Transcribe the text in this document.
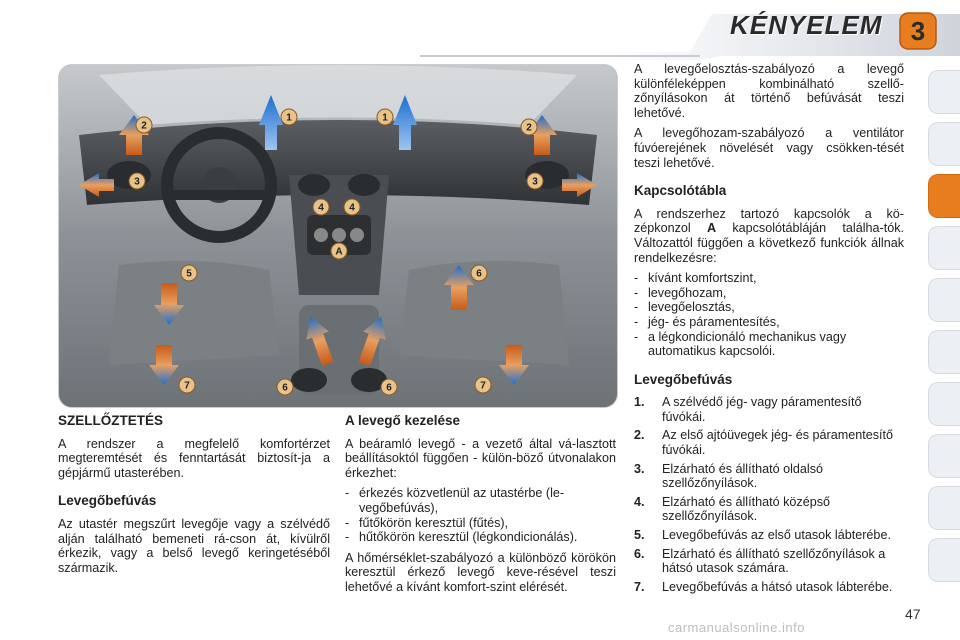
KÉNYELEM 3
1	1
2	2
3	3
4	4
5	6
6	6
7	7
A
SZELLŐZTETÉS

A rendszer a megfelelő komfortérzet megteremtését és fenntartását biztosít-ja a gépjármű utasterében.

Levegőbefúvás

Az utastér megszűrt levegője vagy a szélvédő alján található bemeneti rá-cson át, kívülről érkezik, vagy a belső levegő keringetéséből származik.

A levegő kezelése

A beáramló levegő - a vezető által vá-lasztott beállításoktól függően - külön-böző útvonalakon érkezhet:

- érkezés közvetlenül az utastérbe (le-vegőbefúvás),
- fűtőkörön keresztül (fűtés),
- hűtőkörön keresztül (légkondicionálás).

A hőmérséklet-szabályozó a különböző körökön keresztül érkező levegő keve-résével teszi lehetővé a kívánt komfort-szint elérését.

A levegőelosztás-szabályozó a levegő különféleképpen kombinálható szellő-zőnyílásokon át történő befúvását teszi lehetővé.

A levegőhozam-szabályozó a ventilátor fúvóerejének növelését vagy csökken-tését teszi lehetővé.

Kapcsolótábla

A rendszerhez tartozó kapcsolók a kö-zépkonzol A kapcsolótábláján találha-tók. Változattól függően a következő funkciók állnak rendelkezésre:

- kívánt komfortszint,
- levegőhozam,
- levegőelosztás,
- jég- és páramentesítés,
- a légkondicionáló mechanikus vagy automatikus kapcsolói.
Levegőbefúvás
1.	A szélvédő jég- vagy páramentesítő fúvókái.
2.	Az első ajtóüvegek jég- és páramentesítő fúvókái.
3.	Elzárható és állítható oldalsó szellőzőnyílások.
4.	Elzárható és állítható középső szellőzőnyílások.
5.	Levegőbefúvás az első utasok lábterébe.
6.	Elzárható és állítható szellőzőnyílások a hátsó utasok számára.
7.	Levegőbefúvás a hátsó utasok lábterébe.
47
carmanualsonline.info
